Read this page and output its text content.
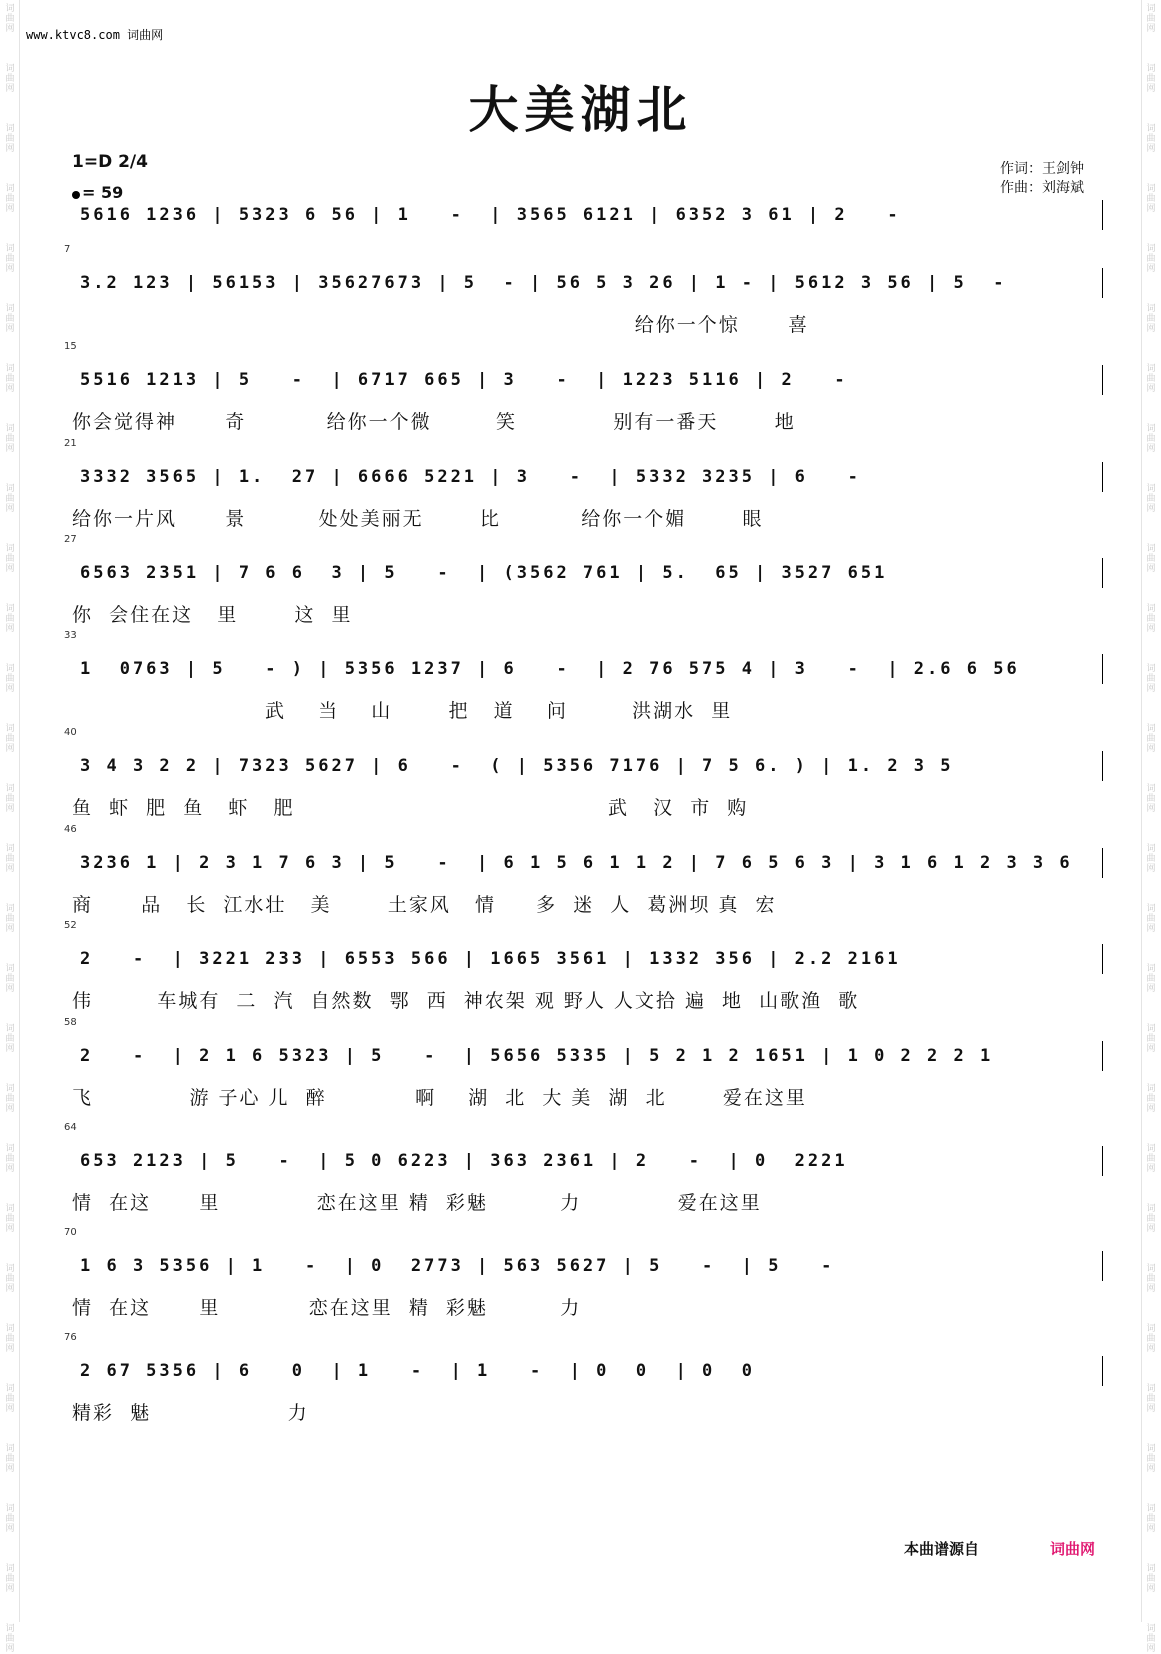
词
曲
网
词
曲
网
词
曲
网
词
曲
网
词
曲
网
词
曲
网
词
曲
网
词
曲
网
词
曲
网
词
曲
网
词
曲
网
词
曲
网
词
曲
网
词
曲
网
词
曲
网
词
曲
网
词
曲
网
词
曲
网
词
曲
网
词
曲
网
词
曲
网
词
曲
网
词
曲
网
词
曲
网
词
曲
网
词
曲
网
词
曲
网
词
曲
网
词
曲
网
词
曲
网
词
曲
网
词
曲
网
词
曲
网
词
曲
网
词
曲
网
词
曲
网
词
曲
网
词
曲
网
词
曲
网
词
曲
网
词
曲
网
词
曲
网
词
曲
网
词
曲
网
词
曲
网
词
曲
网
词
曲
网
词
曲
网
词
曲
网
词
曲
网
词
曲
网
词
曲
网
词
曲
网
词
曲
网
词
曲
网
词
曲
网
www.ktvc8.com 词曲网
大美湖北
1=D 2/4
= 59
作词：王剑钟
作曲：刘海斌
5616 1236 | 5323 6 56 | 1   -  | 3565 6121 | 6352 3 61 | 2   -
7
3.2 123 | 56153 | 35627673 | 5  - | 56 5 3 26 | 1 - | 5612 3 56 | 5  -
给你一个惊      喜
15
5516 1213 | 5   -  | 6717 665 | 3   -  | 1223 5116 | 2   -
你会觉得神      奇          给你一个微        笑            别有一番天       地
21
3332 3565 | 1.  27 | 6666 5221 | 3   -  | 5332 3235 | 6   -
给你一片风      景         处处美丽无       比          给你一个媚       眼
27
6563 2351 | 7 6 6  3 | 5   -  | (3562 761 | 5.  65 | 3527 651
你  会住在这   里       这  里
33
1  0763 | 5   - ) | 5356 1237 | 6   -  | 2 76 575 4 | 3   -  | 2.6 6 56
武    当    山       把   道    问        洪湖水  里
40
3 4 3 2 2 | 7323 5627 | 6   -  ( | 5356 7176 | 7 5 6. ) | 1. 2 3 5
鱼  虾  肥  鱼   虾   肥                                       武   汉  市  购
46
3236 1 | 2 3 1 7 6 3 | 5   -  | 6 1 5 6 1 1 2 | 7 6 5 6 3 | 3 1 6 1 2 3 3 6
商      品   长  江水壮   美       土家风   情     多  迷  人  葛洲坝 真  宏
52
2   -  | 3221 233 | 6553 566 | 1665 3561 | 1332 356 | 2.2 2161
伟        车城有  二  汽  自然数  鄂  西  神农架 观 野人 人文拾 遍  地  山歌渔  歌
58
2   -  | 2 1 6 5323 | 5   -  | 5656 5335 | 5 2 1 2 1651 | 1 0 2 2 2 1
飞            游 子心 儿  醉           啊    湖  北  大 美  湖  北       爱在这里
64
653 2123 | 5   -  | 5 0 6223 | 363 2361 | 2   -  | 0  2221
情  在这      里            恋在这里 精  彩魅         力            爱在这里
70
1 6 3 5356 | 1   -  | 0  2773 | 563 5627 | 5   -  | 5   -
情  在这      里           恋在这里  精  彩魅         力
76
2 67 5356 | 6   0  | 1   -  | 1   -  | 0  0  | 0  0
精彩  魅                 力
本曲谱源自	词曲网
